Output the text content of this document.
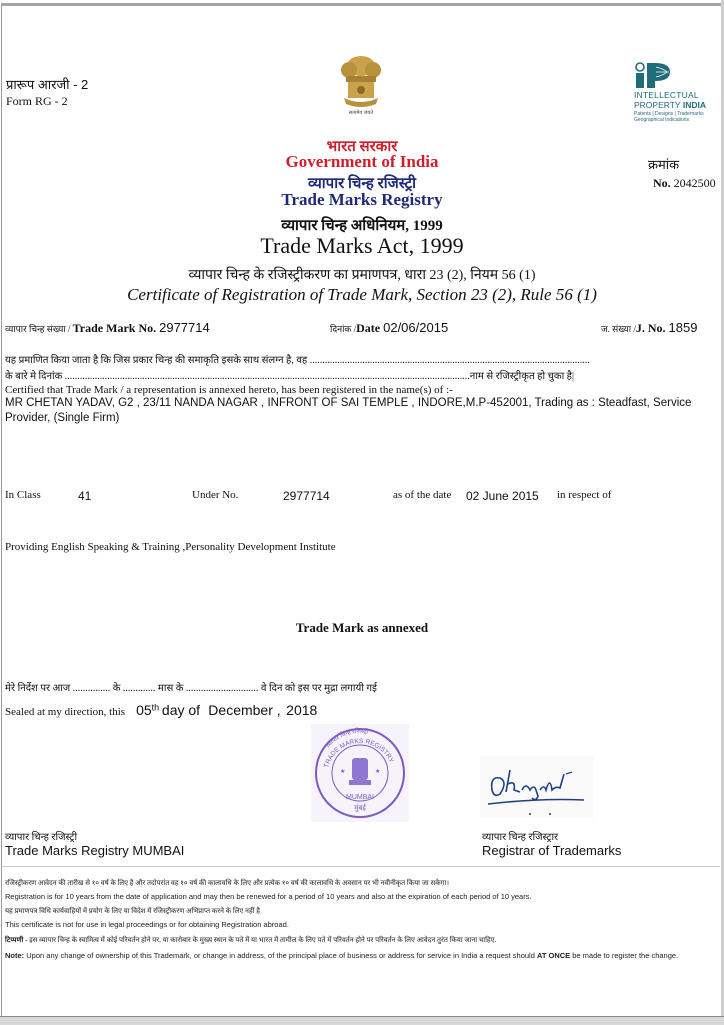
प्रारूप आरजी - 2
Form RG - 2
सत्यमेव जयते
भारत सरकार
Government of India
व्यापार चिन्ह रजिस्ट्री
Trade Marks Registry
व्यापार चिन्ह अधिनियम, 1999
Trade Marks Act, 1999
व्यापार चिन्ह के रजिस्ट्रीकरण का प्रमाणपत्र, धारा 23 (2), नियम 56 (1)
Certificate of Registration of Trade Mark, Section 23 (2), Rule 56 (1)
INTELLECTUAL
PROPERTY INDIA
Patents | Designs | Trademarks
Geographical Indications
क्रमांक
No. 2042500
व्यापार चिन्ह संख्या / Trade Mark No. 2977714	दिनांक /Date 02/06/2015	ज. संख्या /J. No. 1859
यह प्रमाणित किया जाता है कि जिस प्रकार चिन्ह की समाकृति इसके साथ संलग्न है, वह ................................................................................................................
के बारे मे दिनांक ..................................................................................................................................................................नाम से रजिस्ट्रीकृत हो चुका है|
Certified that Trade Mark / a representation is annexed hereto, has been registered in the name(s) of :-
MR CHETAN YADAV, G2 , 23/11 NANDA NAGAR , INFRONT OF SAI TEMPLE , INDORE,M.P-452001, Trading as : Steadfast, Service
Provider, (Single Firm)
In Class	41	Under No.	2977714	as of the date 02 June 2015 in respect of
Providing English Speaking & Training ,Personality Development Institute
Trade Mark as annexed
मेरे निर्देश पर आज ............... के ............. मास के ............................. वे दिन को इस पर मुद्रा लगायी गई
Sealed at my direction, this 05th day of December , 2018
★	★
MUMBAI
मुंबई
TRADE MARKS REGISTRY
व्यापार चिन्ह रजिस्ट्री
व्यापार चिन्ह रजिस्ट्री
Trade Marks Registry MUMBAI
व्यापार चिन्ह रजिस्ट्रार
Registrar of Trademarks
रजिस्ट्रीकरण आवेदन की तारीख से १० वर्ष के लिए है और तदोपरांत वह १० वर्ष की कालावधि के लिए और प्रत्येक १० वर्ष की कालावधि के अवसान पर भी नवीनीकृत किया जा सकेगा।
Registration is for 10 years from the date of application and may then be renewed for a period of 10 years and also at the expiration of each period of 10 years.
यह प्रमाणपत्र विधि कार्यवाहियों में प्रयोग के लिए या विदेश में रजिस्ट्रीकरण अभिप्राप्त करने के लिए नहीं है
This certificate is not for use in legal proceedings or for obtaining Registration abroad.
टिप्पणी - इस व्यापार चिन्ह के स्वामित्व में कोई परिवर्तन होने पर, या कारोबार के मुख्य स्थान के पते में या भारत में तामील के लिए पते में परिवर्तन होने पर परिवर्तन के लिए आवेदन तुरंत किया जाना चाहिए.
Note: Upon any change of ownership of this Trademark, or change in address, of the principal place of business or address for service in India a request should AT ONCE be made to register the change.
